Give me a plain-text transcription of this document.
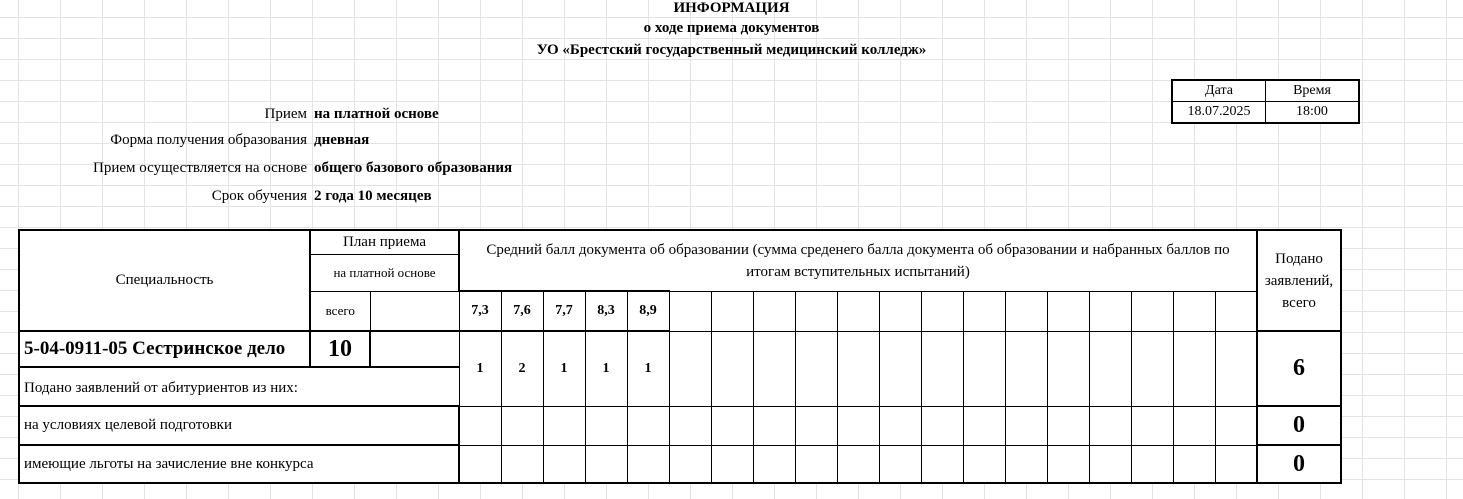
ИНФОРМАЦИЯ
о ходе приема документов
УО «Брестский государственный медицинский колледж»
Дата	Время
18.07.2025	18:00
Прием на платной основе
Форма получения образования дневная
Прием осуществляется на основе общего базового образования
Срок обучения 2 года 10 месяцев
Специальность	План приема		Средний балл документа об образовании (сумма среденего балла документа об образовании и набранных баллов по итогам вступительных испытаний)																			Подано заявлений, всего
	на платной основе																					
	всего		7,3	7,6	7,7	8,3	8,9															
5-04-0911-05 Сестринское дело	10		1	2	1	1	1															6
Подано заявлений от абитуриентов из них:																						
на условиях целевой подготовки																						0
имеющие льготы на зачисление вне конкурса																						0
